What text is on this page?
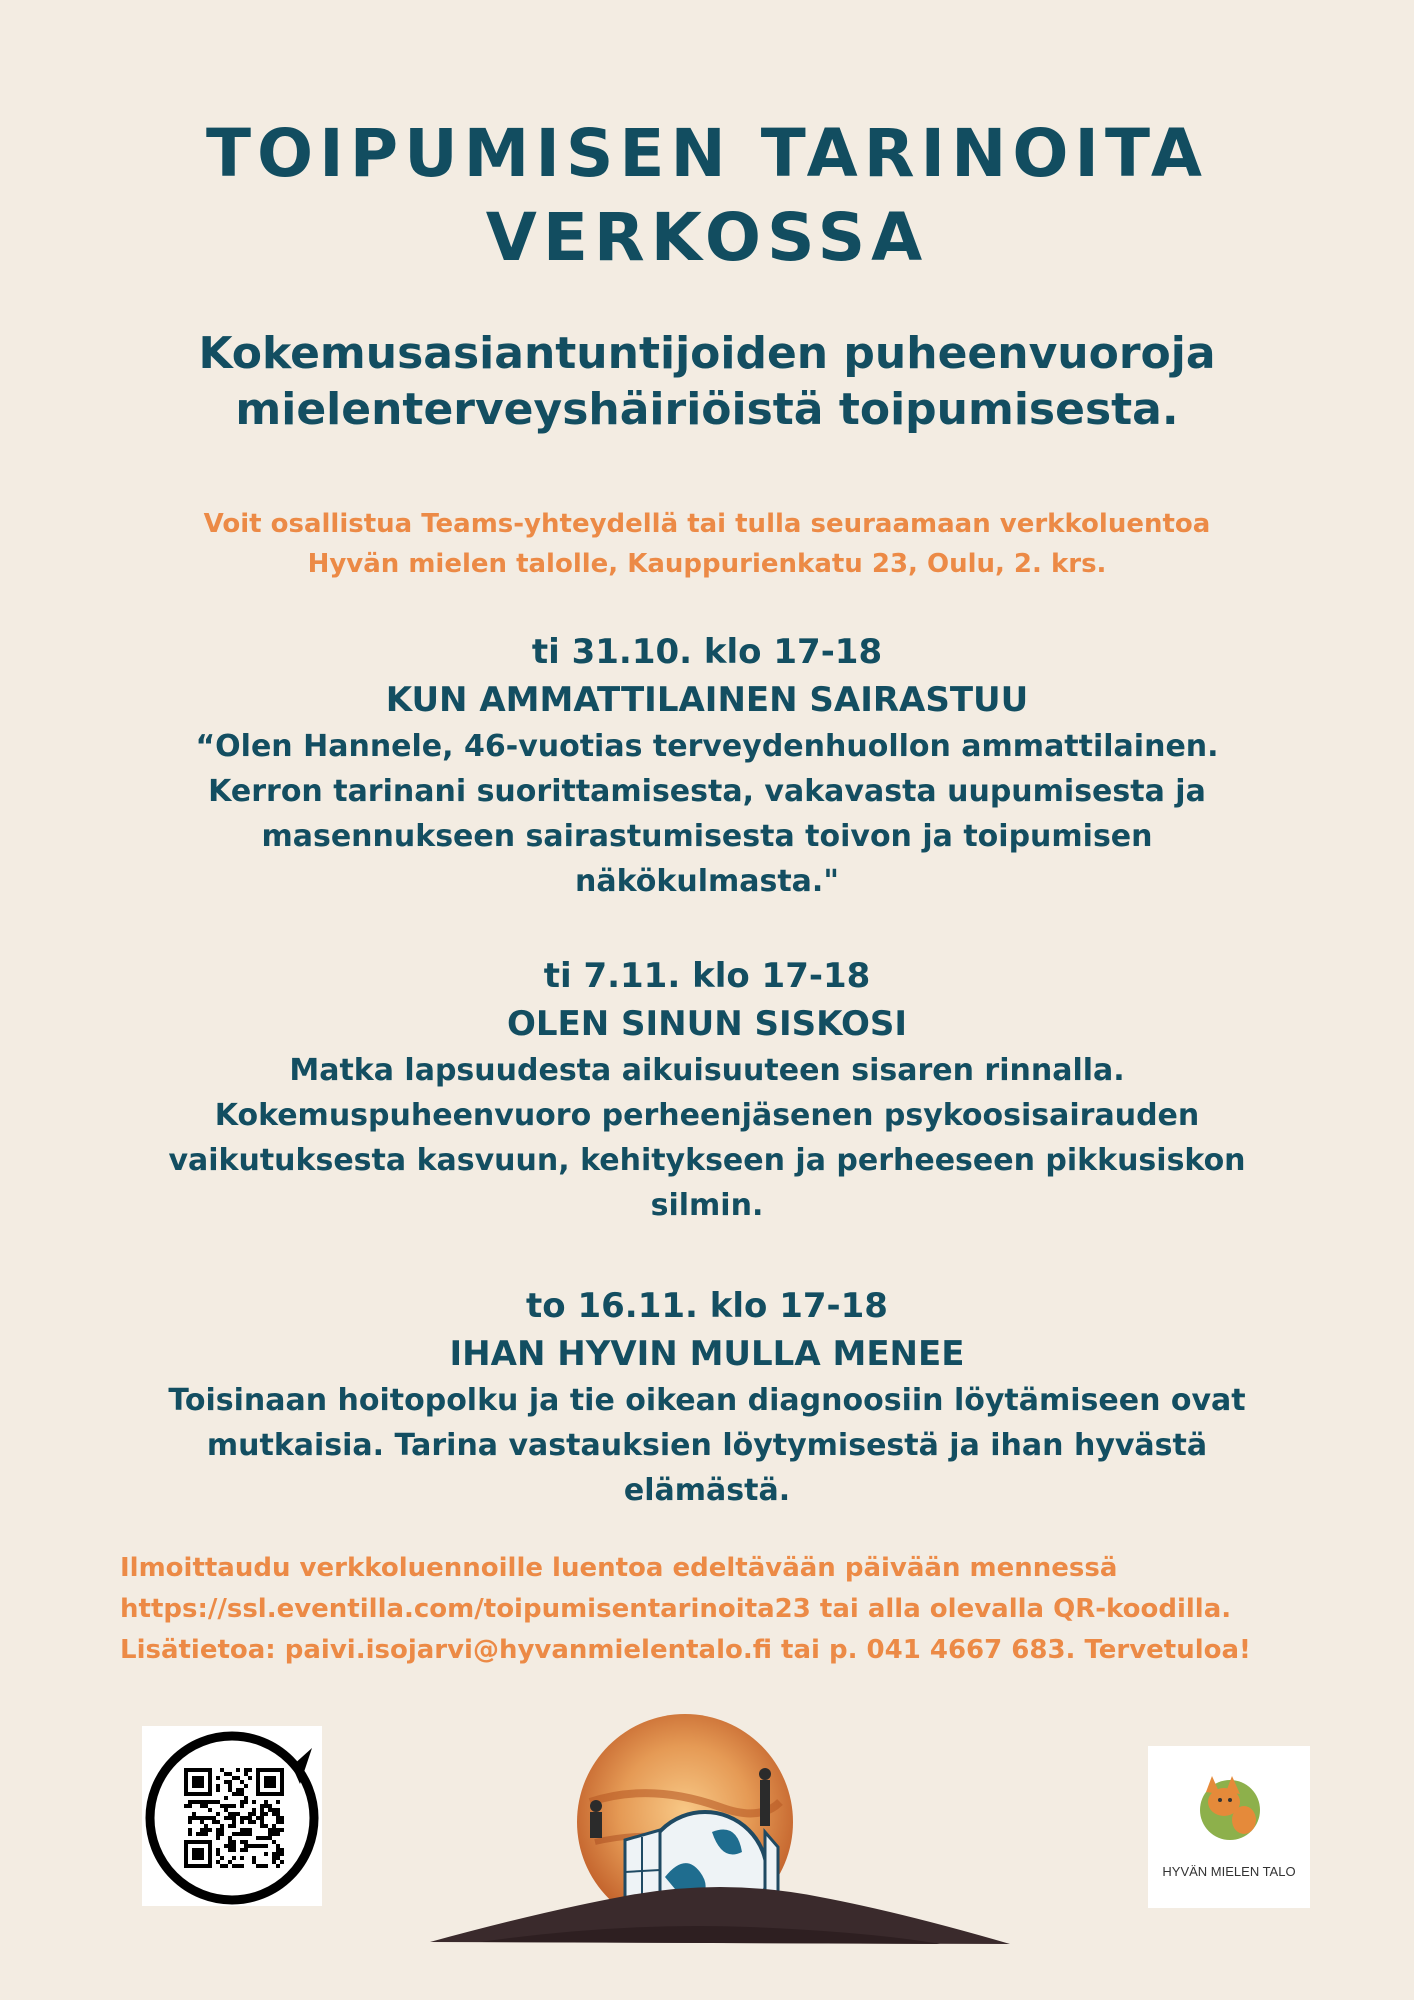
TOIPUMISEN TARINOITA
VERKOSSA
Kokemusasiantuntijoiden puheenvuoroja
mielenterveyshäiriöistä toipumisesta.
Voit osallistua Teams-yhteydellä tai tulla seuraamaan verkkoluentoa
Hyvän mielen talolle, Kauppurienkatu 23, Oulu, 2. krs.
ti 31.10. klo 17-18
KUN AMMATTILAINEN SAIRASTUU
“Olen Hannele, 46-vuotias terveydenhuollon ammattilainen.
Kerron tarinani suorittamisesta, vakavasta uupumisesta ja
masennukseen sairastumisesta toivon ja toipumisen
näkökulmasta."
ti 7.11. klo 17-18
OLEN SINUN SISKOSI
Matka lapsuudesta aikuisuuteen sisaren rinnalla.
Kokemuspuheenvuoro perheenjäsenen psykoosisairauden
vaikutuksesta kasvuun, kehitykseen ja perheeseen pikkusiskon
silmin.
to 16.11. klo 17-18
IHAN HYVIN MULLA MENEE
Toisinaan hoitopolku ja tie oikean diagnoosiin löytämiseen ovat
mutkaisia. Tarina vastauksien löytymisestä ja ihan hyvästä
elämästä.
Ilmoittaudu verkkoluennoille luentoa edeltävään päivään mennessä
https://ssl.eventilla.com/toipumisentarinoita23 tai alla olevalla QR-koodilla.
Lisätietoa: paivi.isojarvi@hyvanmielentalo.fi tai p. 041 4667 683. Tervetuloa!
HYVÄN MIELEN TALO
